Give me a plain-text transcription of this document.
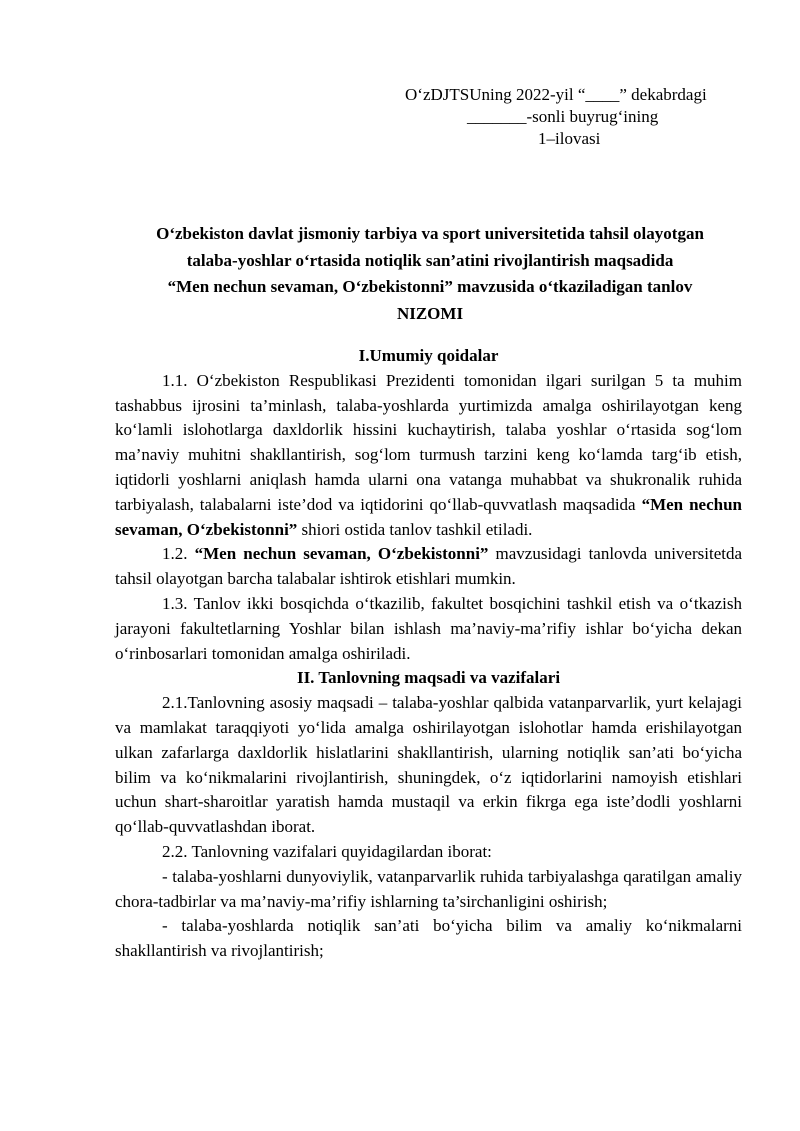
O‘zDJTSUning 2022-yil “____” dekabrdagi
_______-sonli buyrug‘ining
1–ilovasi
O‘zbekiston davlat jismoniy tarbiya va sport universitetida tahsil olayotgan
talaba-yoshlar o‘rtasida notiqlik san’atini rivojlantirish maqsadida
“Men nechun sevaman, O‘zbekistonni” mavzusida o‘tkaziladigan tanlov
NIZOMI

I.Umumiy qoidalar

1.1. O‘zbekiston Respublikasi Prezidenti tomonidan ilgari surilgan 5 ta muhim tashabbus ijrosini ta’minlash, talaba-yoshlarda yurtimizda amalga oshirilayotgan keng ko‘lamli islohotlarga daxldorlik hissini kuchaytirish, talaba yoshlar o‘rtasida sog‘lom ma’naviy muhitni shakllantirish, sog‘lom turmush tarzini keng ko‘lamda targ‘ib etish, iqtidorli yoshlarni aniqlash hamda ularni ona vatanga muhabbat va shukronalik ruhida tarbiyalash, talabalarni iste’dod va iqtidorini qo‘llab-quvvatlash maqsadida “Men nechun sevaman, O‘zbekistonni” shiori ostida tanlov tashkil etiladi.

1.2. “Men nechun sevaman, O‘zbekistonni” mavzusidagi tanlovda universitetda tahsil olayotgan barcha talabalar ishtirok etishlari mumkin.

1.3. Tanlov ikki bosqichda o‘tkazilib, fakultet bosqichini tashkil etish va o‘tkazish jarayoni fakultetlarning Yoshlar bilan ishlash ma’naviy-ma’rifiy ishlar bo‘yicha dekan o‘rinbosarlari tomonidan amalga oshiriladi.

II. Tanlovning maqsadi va vazifalari

2.1.Tanlovning asosiy maqsadi – talaba-yoshlar qalbida vatanparvarlik, yurt kelajagi va mamlakat taraqqiyoti yo‘lida amalga oshirilayotgan islohotlar hamda erishilayotgan ulkan zafarlarga daxldorlik hislatlarini shakllantirish, ularning notiqlik san’ati bo‘yicha bilim va ko‘nikmalarini rivojlantirish, shuningdek, o‘z iqtidorlarini namoyish etishlari uchun shart-sharoitlar yaratish hamda mustaqil va erkin fikrga ega iste’dodli yoshlarni qo‘llab-quvvatlashdan iborat.

2.2. Tanlovning vazifalari quyidagilardan iborat:

- talaba-yoshlarni dunyoviylik, vatanparvarlik ruhida tarbiyalashga qaratilgan amaliy chora-tadbirlar va ma’naviy-ma’rifiy ishlarning ta’sirchanligini oshirish;

- talaba-yoshlarda notiqlik san’ati bo‘yicha bilim va amaliy ko‘nikmalarni shakllantirish va rivojlantirish;
